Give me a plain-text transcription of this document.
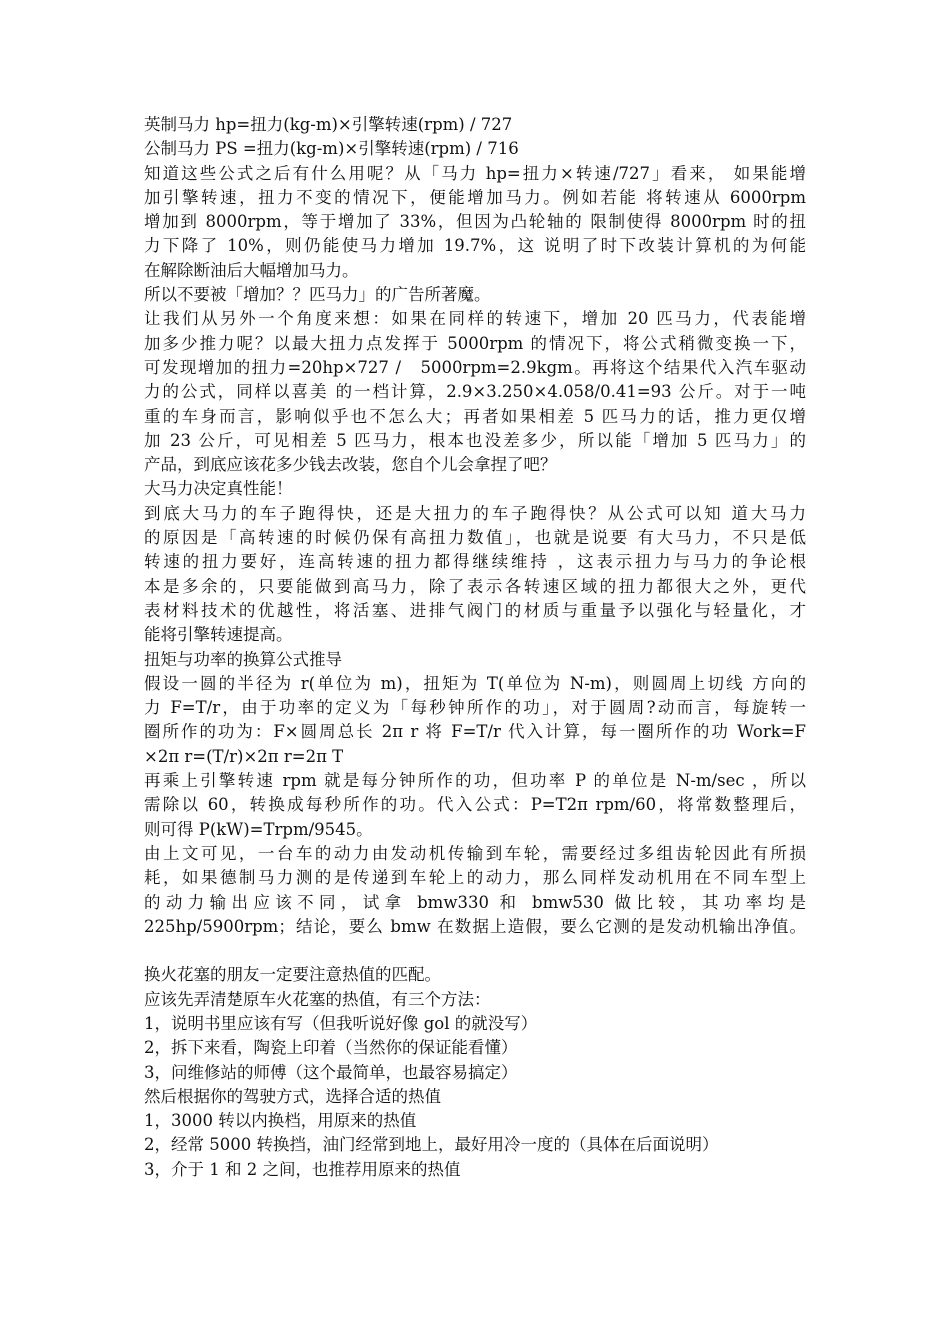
英制马力 hp=扭力(kg-m)×引擎转速(rpm) / 727
公制马力 PS =扭力(kg-m)×引擎转速(rpm) / 716
知道这些公式之后有什么用呢？从「马力 hp=扭力×转速/727」看来， 如果能增
加引擎转速，扭力不变的情况下，便能增加马力。例如若能 将转速从 6000rpm
增加到 8000rpm，等于增加了 33%，但因为凸轮轴的 限制使得 8000rpm 时的扭
力下降了 10%，则仍能使马力增加 19.7%，这 说明了时下改装计算机的为何能
在解除断油后大幅增加马力。
所以不要被「增加？？匹马力」的广告所著魔。
让我们从另外一个角度来想：如果在同样的转速下，增加 20 匹马力，代表能增
加多少推力呢？以最大扭力点发挥于 5000rpm 的情况下，将公式稍微变换一下，
可发现增加的扭力=20hp×727 /　5000rpm=2.9kgm。再将这个结果代入汽车驱动
力的公式，同样以喜美 的一档计算，2.9×3.250×4.058/0.41=93 公斤。对于一吨
重的车身而言，影响似乎也不怎么大；再者如果相差 5 匹马力的话，推力更仅增
加 23 公斤，可见相差 5 匹马力，根本也没差多少，所以能「增加 5 匹马力」的
产品，到底应该花多少钱去改装，您自个儿会拿捏了吧？
大马力决定真性能！
到底大马力的车子跑得快，还是大扭力的车子跑得快？从公式可以知 道大马力
的原因是「高转速的时候仍保有高扭力数值」，也就是说要 有大马力，不只是低
转速的扭力要好，连高转速的扭力都得继续维持 ，这表示扭力与马力的争论根
本是多余的，只要能做到高马力，除了表示各转速区域的扭力都很大之外，更代
表材料技术的优越性，将活塞、进排气阀门的材质与重量予以强化与轻量化，才
能将引擎转速提高。
扭矩与功率的换算公式推导
假设一圆的半径为 r(单位为 m)，扭矩为 T(单位为 N-m)，则圆周上切线 方向的
力 F=T/r，由于功率的定义为「每秒钟所作的功」，对于圆周?动而言，每旋转一
圈所作的功为：F×圆周总长 2π r 将 F=T/r 代入计算，每一圈所作的功 Work=F
×2π r=(T/r)×2π r=2π T
再乘上引擎转速 rpm 就是每分钟所作的功，但功率 P 的单位是 N-m/sec ，所以
需除以 60，转换成每秒所作的功。代入公式：P=T2π rpm/60，将常数整理后，
则可得 P(kW)=Trpm/9545。
由上文可见，一台车的动力由发动机传输到车轮，需要经过多组齿轮因此有所损
耗，如果德制马力测的是传递到车轮上的动力，那么同样发动机用在不同车型上
的动力输出应该不同，试拿 bmw330 和 bmw530 做比较，其功率均是
225hp/5900rpm；结论，要么 bmw 在数据上造假，要么它测的是发动机输出净值。
换火花塞的朋友一定要注意热值的匹配。
应该先弄清楚原车火花塞的热值，有三个方法：
1，说明书里应该有写（但我听说好像 gol 的就没写）
2，拆下来看，陶瓷上印着（当然你的保证能看懂）
3，问维修站的师傅（这个最简单，也最容易搞定）
然后根据你的驾驶方式，选择合适的热值
1，3000 转以内换档，用原来的热值
2，经常 5000 转换挡，油门经常到地上，最好用冷一度的（具体在后面说明）
3，介于 1 和 2 之间，也推荐用原来的热值
